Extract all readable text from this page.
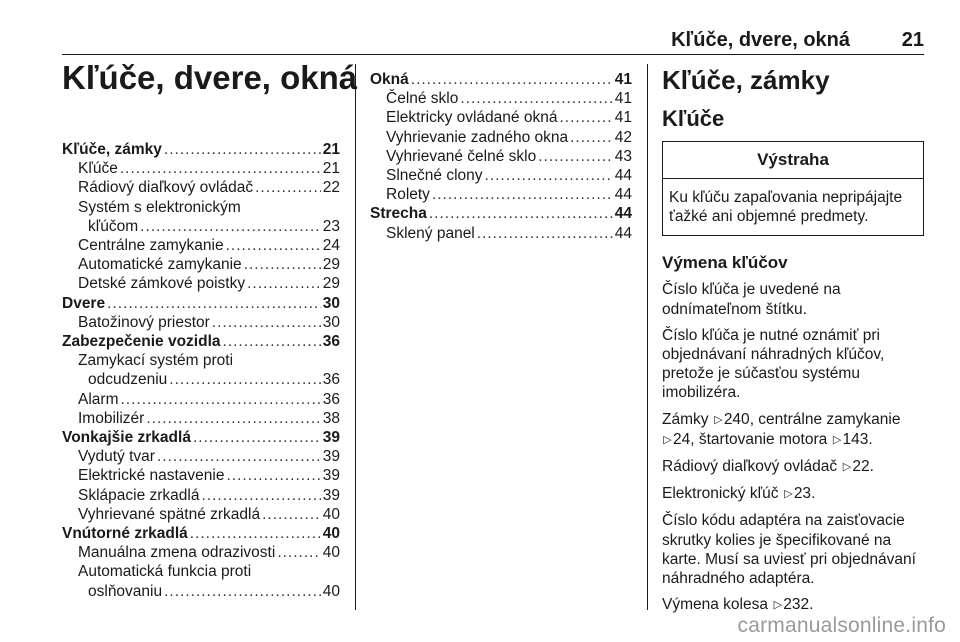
Kľúče, dvere, okná	21
Kľúče, dvere, okná
Kľúče, zámky .....	21
Kľúče .....	21
Rádiový diaľkový ovládač .....	22
Systém s elektronickým
kľúčom .....	23
Centrálne zamykanie .....	24
Automatické zamykanie .....	29
Detské zámkové poistky .....	29
Dvere .....	30
Batožinový priestor .....	30
Zabezpečenie vozidla .....	36
Zamykací systém proti
odcudzeniu .....	36
Alarm .....	36
Imobilizér .....	38
Vonkajšie zrkadlá .....	39
Vydutý tvar .....	39
Elektrické nastavenie .....	39
Sklápacie zrkadlá .....	39
Vyhrievané spätné zrkadlá .....	40
Vnútorné zrkadlá .....	40
Manuálna zmena odrazivosti .....	40
Automatická funkcia proti
oslňovaniu .....	40
Okná .....	41
Čelné sklo .....	41
Elektricky ovládané okná .....	41
Vyhrievanie zadného okna .....	42
Vyhrievané čelné sklo .....	43
Slnečné clony .....	44
Rolety .....	44
Strecha .....	44
Sklený panel .....	44
Kľúče, zámky
Kľúče
Výstraha
Ku kľúču zapaľovania nepripájajte ťažké ani objemné predmety.
Výmena kľúčov

Číslo kľúča je uvedené na odnímateľnom štítku.

Číslo kľúča je nutné oznámiť pri objednávaní náhradných kľúčov, pretože je súčasťou systému imobilizéra.

Zámky ▷240, centrálne zamykanie
▷24, štartovanie motora ▷143.

Rádiový diaľkový ovládač ▷22.

Elektronický kľúč ▷23.

Číslo kódu adaptéra na zaisťovacie skrutky kolies je špecifikované na karte. Musí sa uviesť pri objednávaní náhradného adaptéra.

Výmena kolesa ▷232.

carmanualsonline.info
